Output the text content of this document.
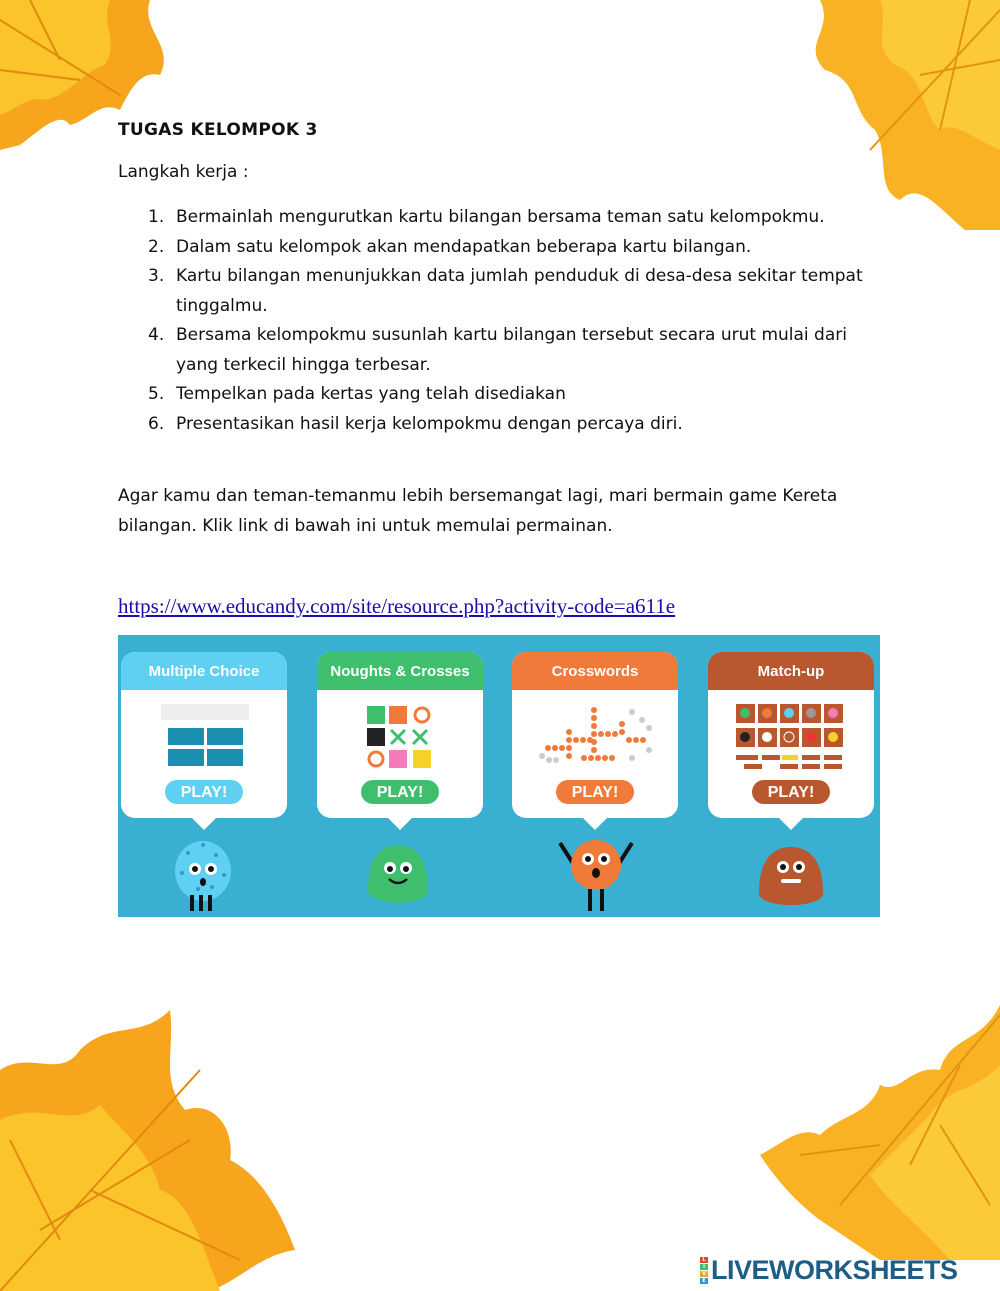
TUGAS KELOMPOK 3
Langkah kerja :
1. Bermainlah mengurutkan kartu bilangan bersama teman satu kelompokmu.
2. Dalam satu kelompok akan mendapatkan beberapa kartu bilangan.
3. Kartu bilangan menunjukkan data jumlah penduduk di desa-desa sekitar tempat tinggalmu.
4. Bersama kelompokmu susunlah kartu bilangan tersebut secara urut mulai dari yang terkecil hingga terbesar.
5. Tempelkan pada kertas yang telah disediakan
6. Presentasikan hasil kerja kelompokmu dengan percaya diri.
Agar kamu dan teman-temanmu lebih bersemangat lagi, mari bermain game Kereta bilangan. Klik link di bawah ini untuk memulai permainan.
https://www.educandy.com/site/resource.php?activity-code=a611e
Multiple Choice
PLAY!
Noughts & Crosses
PLAY!
Crosswords
PLAY!
Match-up
PLAY!
L
I
V
E LIVEWORKSHEETS
